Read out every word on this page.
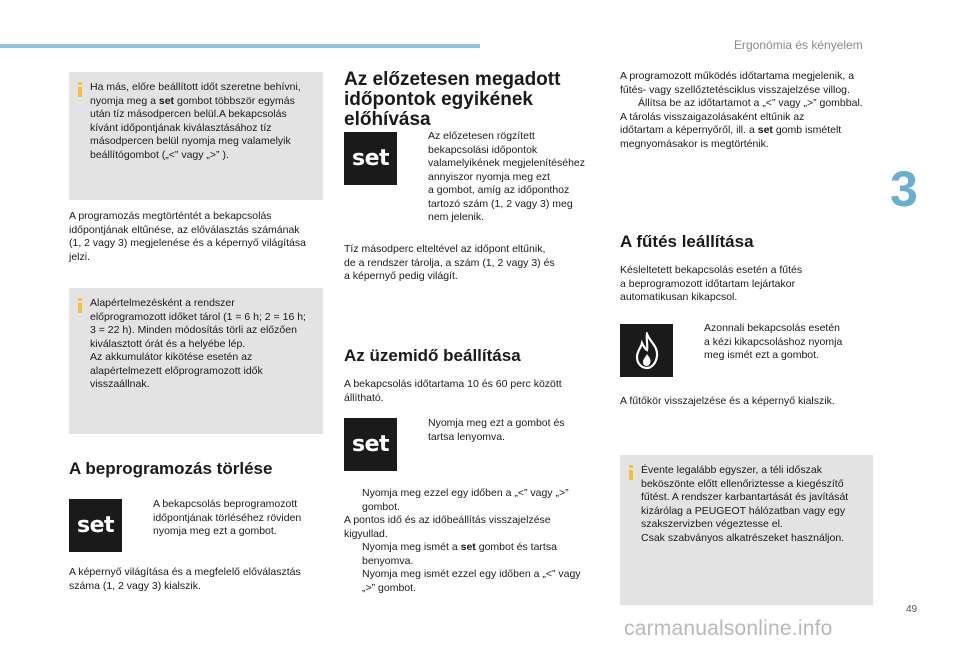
Ergonómia és kényelem
3
Ha más, előre beállított időt szeretne behívni,
nyomja meg a set gombot többször egymás
után tíz másodpercen belül.A bekapcsolás
kívánt időpontjának kiválasztásához tíz
másodpercen belül nyomja meg valamelyik
beállítógombot („<” vagy „>” ).
A programozás megtörténtét a bekapcsolás
időpontjának eltűnése, az előválasztás számának
(1, 2 vagy 3) megjelenése és a képernyő világítása
jelzi.
Alapértelmezésként a rendszer
előprogramozott időket tárol (1 = 6 h; 2 = 16 h;
3 = 22 h). Minden módosítás törli az előzően
kiválasztott órát és a helyébe lép.
Az akkumulátor kikötése esetén az
alapértelmezett előprogramozott idők
visszaállnak.
A beprogramozás törlése
set
A bekapcsolás beprogramozott
időpontjának törléséhez röviden
nyomja meg ezt a gombot.
A képernyő világítása és a megfelelő előválasztás
száma (1, 2 vagy 3) kialszik.
Az előzetesen megadott
időpontok egyikének
előhívása
set
Az előzetesen rögzített
bekapcsolási időpontok
valamelyikének megjelenítéséhez
annyiszor nyomja meg ezt
a gombot, amíg az időponthoz
tartozó szám (1, 2 vagy 3) meg
nem jelenik.
Tíz másodperc elteltével az időpont eltűnik,
de a rendszer tárolja, a szám (1, 2 vagy 3) és
a képernyő pedig világít.
Az üzemidő beállítása
A bekapcsolás időtartama 10 és 60 perc között
állítható.
set
Nyomja meg ezt a gombot és
tartsa lenyomva.
Nyomja meg ezzel egy időben a „<” vagy „>”
gombot.
A pontos idő és az időbeállítás visszajelzése
kigyullad.
Nyomja meg ismét a set gombot és tartsa
benyomva.
Nyomja meg ismét ezzel egy időben a „<” vagy
„>” gombot.
A programozott működés időtartama megjelenik, a
fűtés- vagy szellőztetésciklus visszajelzése villog.
Állítsa be az időtartamot a „<” vagy „>” gombbal.
A tárolás visszaigazolásaként eltűnik az
időtartam a képernyőről, ill. a set gomb ismételt
megnyomásakor is megtörténik.
A fűtés leállítása
Késleltetett bekapcsolás esetén a fűtés
a beprogramozott időtartam lejártakor
automatikusan kikapcsol.
Azonnali bekapcsolás esetén
a kézi kikapcsoláshoz nyomja
meg ismét ezt a gombot.
A fűtőkör visszajelzése és a képernyő kialszik.
Évente legalább egyszer, a téli időszak
beköszönte előtt ellenőriztesse a kiegészítő
fűtést. A rendszer karbantartását és javítását
kizárólag a PEUGEOT hálózatban vagy egy
szakszervizben végeztesse el.
Csak szabványos alkatrészeket használjon.
49
carmanualsonline.info
